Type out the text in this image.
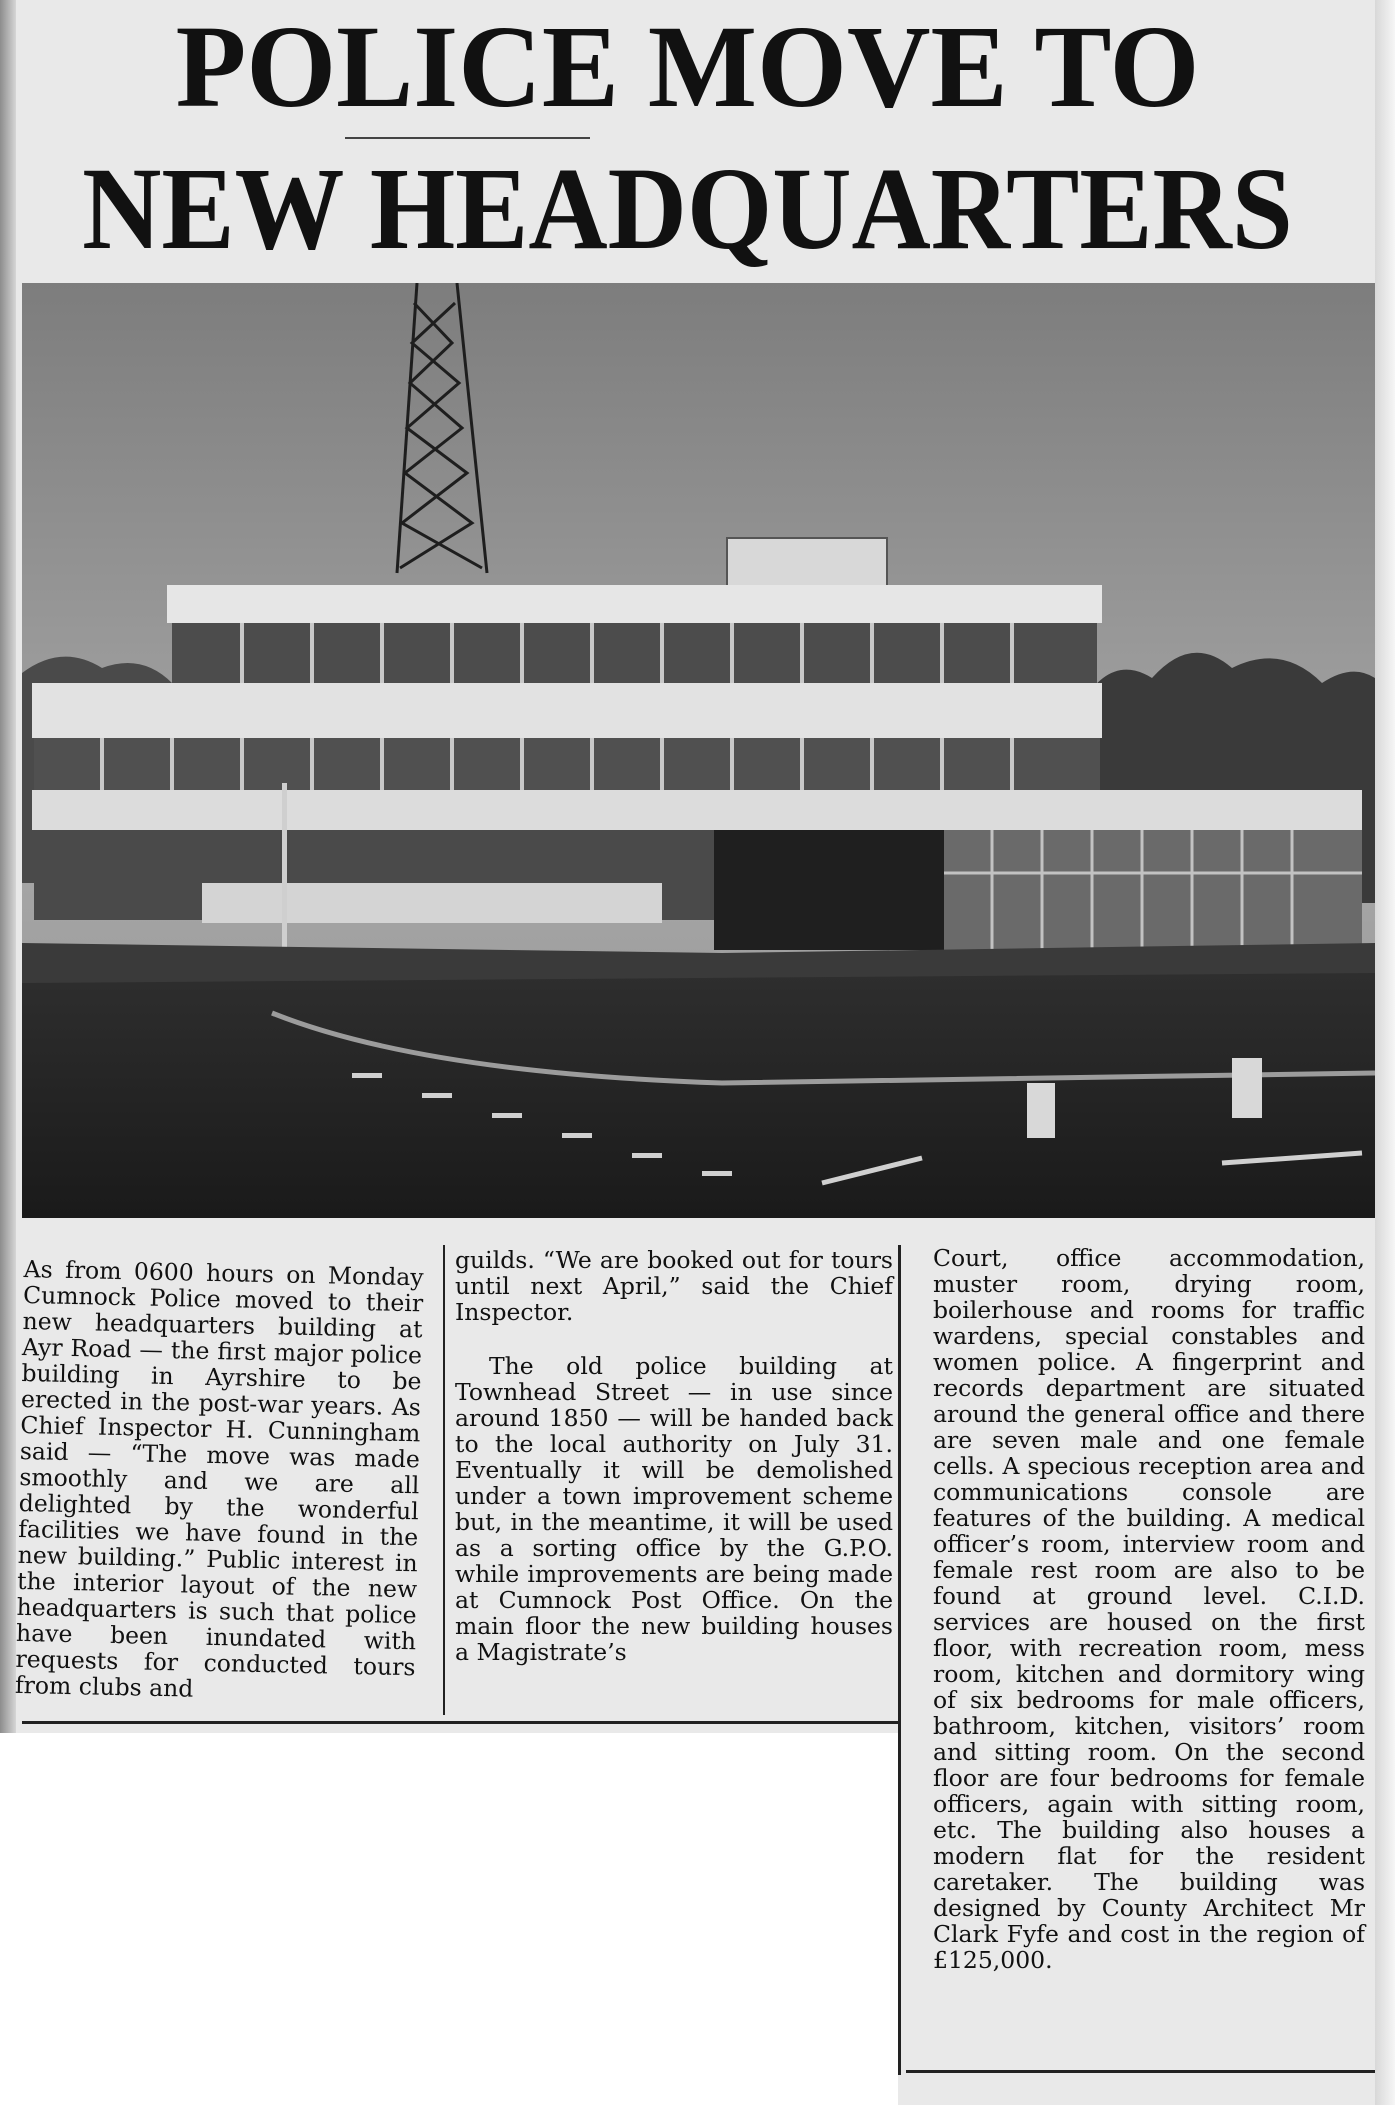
POLICE MOVE TO
NEW HEADQUARTERS

As from 0600 hours on Monday Cumnock Police moved to their new headquarters building at Ayr Road — the first major police building in Ayrshire to be erected in the post-war years. As Chief Inspector H. Cunningham said — “The move was made smoothly and we are all delighted by the wonderful facilities we have found in the new building.” Public interest in the interior layout of the new headquarters is such that police have been inundated with requests for conducted tours from clubs and

guilds. “We are booked out for tours until next April,” said the Chief Inspector.

The old police building at Townhead Street — in use since around 1850 — will be handed back to the local authority on July 31. Eventually it will be demolished under a town improvement scheme but, in the meantime, it will be used as a sorting office by the G.P.O. while improvements are being made at Cumnock Post Office. On the main floor the new building houses a Magistrate’s

Court, office accommodation, muster room, drying room, boilerhouse and rooms for traffic wardens, special constables and women police. A fingerprint and records department are situated around the general office and there are seven male and one female cells. A specious reception area and communications console are features of the building. A medical officer’s room, interview room and female rest room are also to be found at ground level. C.I.D. services are housed on the first floor, with recreation room, mess room, kitchen and dormitory wing of six bedrooms for male officers, bathroom, kitchen, visitors’ room and sitting room. On the second floor are four bedrooms for female officers, again with sitting room, etc. The building also houses a modern flat for the resident caretaker. The building was designed by County Architect Mr Clark Fyfe and cost in the region of £125,000.
